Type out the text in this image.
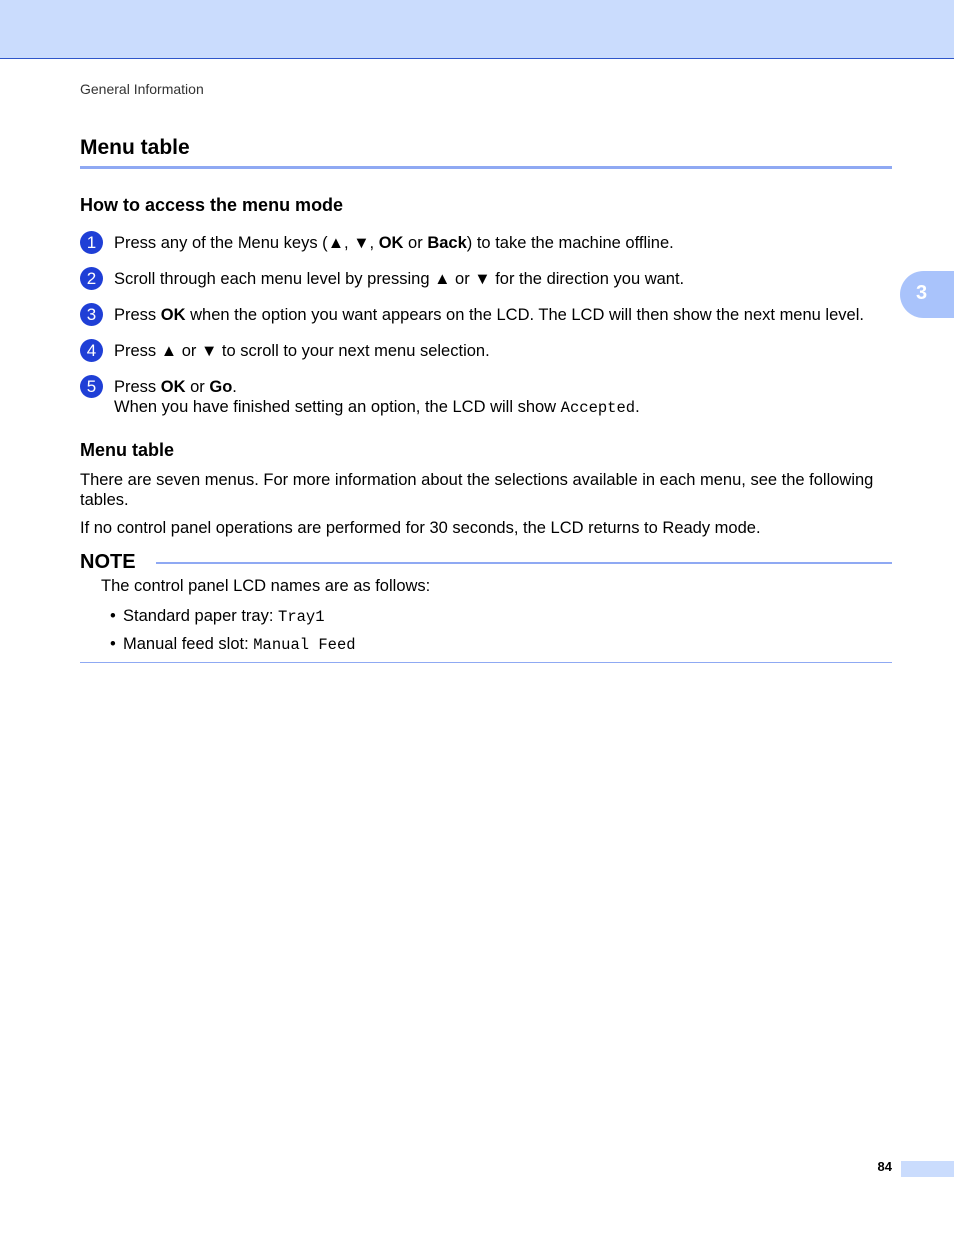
General Information
Menu table
How to access the menu mode
1	Press any of the Menu keys (▲, ▼, OK or Back) to take the machine offline.
2	Scroll through each menu level by pressing ▲ or ▼ for the direction you want.
3	Press OK when the option you want appears on the LCD. The LCD will then show the next menu level.
4	Press ▲ or ▼ to scroll to your next menu selection.
5	Press OK or Go.
When you have finished setting an option, the LCD will show Accepted.
Menu table
There are seven menus. For more information about the selections available in each menu, see the following
tables.
If no control panel operations are performed for 30 seconds, the LCD returns to Ready mode.
NOTE
The control panel LCD names are as follows:
• Standard paper tray: Tray1
• Manual feed slot: Manual Feed
3
84
